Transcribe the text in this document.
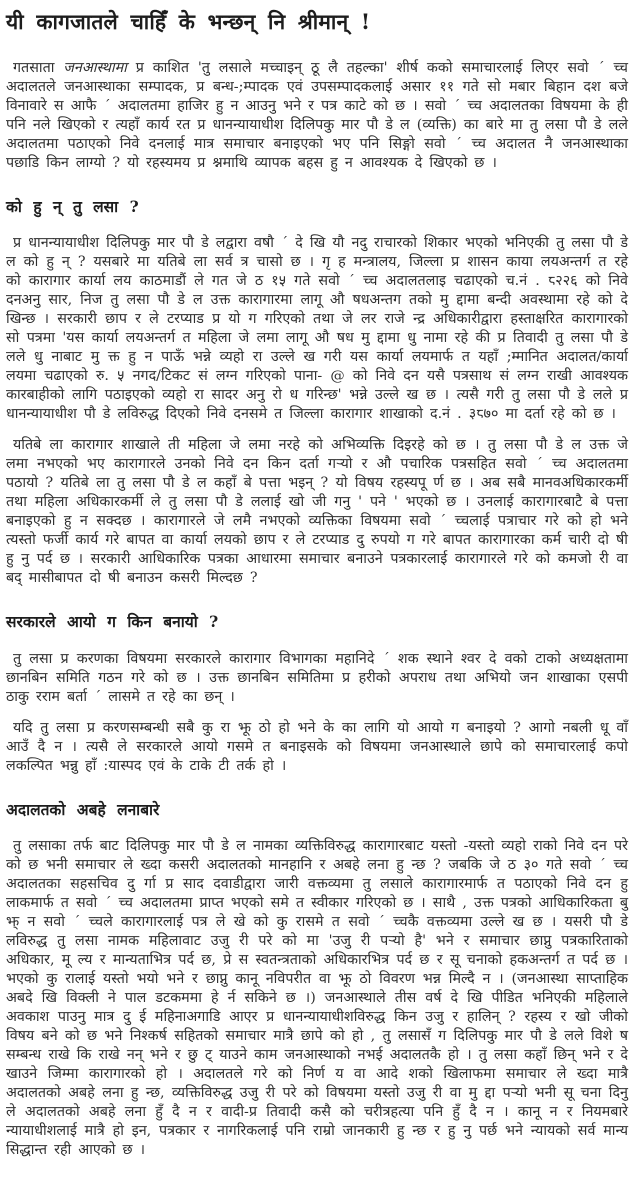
यी कागजातले चाहिँ के भन्छन् नि श्रीमान् !

गतसाता जनआस्थामा प्र काशित 'तु लसाले मच्चाइन् ठू लै तहल्का' शीर्ष कको समाचारलाई लिएर सवो ´ च्च अदालतले जनआस्थाका सम्पादक, प्र बन्ध-;म्पादक एवं उपसम्पादकलाई असार ११ गते सो मबार बिहान दश बजे विनावारे स आफै ´ अदालतमा हाजिर हु न आउनु भने र पत्र काटे को छ । सवो ´ च्च अदालतका विषयमा के ही पनि नले खिएको र त्यहाँ कार्य रत प्र धानन्यायाधीश दिलिपकु मार पौ डे ल (व्यक्ति) का बारे मा तु लसा पौ डे लले अदालतमा पठाएको निवे दनलाई मात्र समाचार बनाइएको भए पनि सिङ्गो सवो ´ च्च अदालत नै जनआस्थाका पछाडि किन लाग्यो ? यो रहस्यमय प्र श्नमाथि व्यापक बहस हु न आवश्यक दे खिएको छ ।

को हु न् तु लसा ?

प्र धानन्यायाधीश दिलिपकु मार पौ डे लद्वारा वषौ ´ दे खि यौ नदु राचारको शिकार भएको भनिएकी तु लसा पौ डे ल को हु न् ? यसबारे मा यतिबे ला सर्व त्र चासो छ । गृ ह मन्त्रालय, जिल्ला प्र शासन काया लयअन्तर्ग त रहे को कारागार कार्या लय काठमाडौं ले गत जे ठ १५ गते सवो ´ च्च अदालतलाइ चढाएको च.नं . ८२२६ को निवे दनअनु सार, निज तु लसा पौ डे ल उक्त कारागारमा लागू औ षधअन्तग तको मु द्दामा बन्दी अवस्थामा रहे को दे खिन्छ । सरकारी छाप र ले टरप्याड प्र यो ग गरिएको तथा जे लर राजे न्द्र अधिकारीद्वारा हस्ताक्षरित कारागारको सो पत्रमा 'यस कार्या लयअन्तर्ग त महिला जे लमा लागू औ षध मु द्दामा धु नामा रहे की प्र तिवादी तु लसा पौ डे लले धु नाबाट मु क्त हु न पाऊँ भन्ने व्यहो रा उल्ले ख गरी यस कार्या लयमार्फ त यहाँ ;म्मानित अदालत/कार्या लयमा चढाएको रु. ५ नगद/टिकट सं लग्न गरिएको पाना- @ को निवे दन यसै पत्रसाथ सं लग्न राखी आवश्यक कारबाहीको लागि पठाइएको व्यहो रा सादर अनु रो ध गरिन्छ' भन्ने उल्ले ख छ । त्यसै गरी तु लसा पौ डे लले प्र धानन्यायाधीश पौ डे लविरुद्ध दिएको निवे दनसमे त जिल्ला कारागार शाखाको द.नं . ३८७० मा दर्ता रहे को छ ।

यतिबे ला कारागार शाखाले ती महिला जे लमा नरहे को अभिव्यक्ति दिइरहे को छ । तु लसा पौ डे ल उक्त जे लमा नभएको भए कारागारले उनको निवे दन किन दर्ता गऱ्यो र औ पचारिक पत्रसहित सवो ´ च्च अदालतमा पठायो ? यतिबे ला तु लसा पौ डे ल कहाँ बे पत्ता भइन् ? यो विषय रहस्यपू र्ण छ । अब सबै मानवअधिकारकर्मी तथा महिला अधिकारकर्मी ले तु लसा पौ डे ललाई खो जी गनु ' पने ' भएको छ । उनलाई कारागारबाटै बे पत्ता बनाइएको हु न सक्दछ । कारागारले जे लमै नभएको व्यक्तिका विषयमा सवो ´ च्चलाई पत्राचार गरे को हो भने त्यस्तो फर्जी कार्य गरे बापत वा कार्या लयको छाप र ले टरप्याड दु रुपयो ग गरे बापत कारागारका कर्म चारी दो षी हु नु पर्द छ । सरकारी आधिकारिक पत्रका आधारमा समाचार बनाउने पत्रकारलाई कारागारले गरे को कमजो री वा बद् मासीबापत दो षी बनाउन कसरी मिल्दछ ?

सरकारले आयो ग किन बनायो ?

तु लसा प्र करणका विषयमा सरकारले कारागार विभागका महानिदे ´ शक स्थाने श्वर दे वको टाको अध्यक्षतामा छानबिन समिति गठन गरे को छ । उक्त छानबिन समितिमा प्र हरीको अपराध तथा अभियो जन शाखाका एसपी ठाकु रराम बर्ता ´ लासमे त रहे का छन् ।

यदि तु लसा प्र करणसम्बन्धी सबै कु रा झू ठो हो भने के का लागि यो आयो ग बनाइयो ? आगो नबली धू वाँ आउँ दै न । त्यसै ले सरकारले आयो गसमे त बनाइसके को विषयमा जनआस्थाले छापे को समाचारलाई कपो लकल्पित भन्नु हाँ :यास्पद एवं के टाके टी तर्क हो ।

अदालतको अबहे लनाबारे

तु लसाका तर्फ बाट दिलिपकु मार पौ डे ल नामका व्यक्तिविरुद्ध कारागारबाट यस्तो -यस्तो व्यहो राको निवे दन परे को छ भनी समाचार ले ख्दा कसरी अदालतको मानहानि र अबहे लना हु न्छ ? जबकि जे ठ ३० गते सवो ´ च्च अदालतका सहसचिव दु र्गा प्र साद दवाडीद्वारा जारी वक्तव्यमा तु लसाले कारागारमार्फ त पठाएको निवे दन हु लाकमार्फ त सवो ´ च्च अदालतमा प्राप्त भएको समे त स्वीकार गरिएको छ । साथै , उक्त पत्रको आधिकारिकता बु झ् न सवो ´ च्चले कारागारलाई पत्र ले खे को कु रासमे त सवो ´ च्चकै वक्तव्यमा उल्ले ख छ । यसरी पौ डे लविरुद्ध तु लसा नामक महिलावाट उजु री परे को मा 'उजु री पऱ्यो है' भने र समाचार छाप्नु पत्रकारिताको अधिकार, मू ल्य र मान्यताभित्र पर्द छ, प्रे स स्वतन्त्रताको अधिकारभित्र पर्द छ र सू चनाको हकअन्तर्ग त पर्द छ । भएको कु रालाई यस्तो भयो भने र छाप्नु कानू नविपरीत वा झू ठो विवरण भन्न मिल्दै न । (जनआस्था साप्ताहिक अबदे खि विक्ली ने पाल डटकममा हे र्न सकिने छ ।) जनआस्थाले तीस वर्ष दे खि पीडित भनिएकी महिलाले अवकाश पाउनु मात्र दु ई महिनाअगाडि आएर प्र धानन्यायाधीशविरुद्ध किन उजु र हालिन् ? रहस्य र खो जीको विषय बने को छ भने निश्कर्ष सहितको समाचार मात्रै छापे को हो , तु लसासँ ग दिलिपकु मार पौ डे लले विशे ष सम्बन्ध राखे कि राखे नन् भने र छु ट् याउने काम जनआस्थाको नभई अदालतकै हो । तु लसा कहाँ छिन् भने र दे खाउने जिम्मा कारागारको हो । अदालतले गरे को निर्ण य वा आदे शको खिलाफमा समाचार ले ख्दा मात्रै अदालतको अबहे लना हु न्छ, व्यक्तिविरुद्ध उजु री परे को विषयमा यस्तो उजु री वा मु द्दा पऱ्यो भनी सू चना दिनु ले अदालतको अबहे लना हुँ दै न र वादी-प्र तिवादी कसै को चरीत्रहत्या पनि हुँ दै न । कानू न र नियमबारे न्यायाधीशलाई मात्रै हो इन, पत्रकार र नागरिकलाई पनि राम्रो जानकारी हु न्छ र हु नु पर्छ भने न्यायको सर्व मान्य सिद्धान्त रही आएको छ ।
